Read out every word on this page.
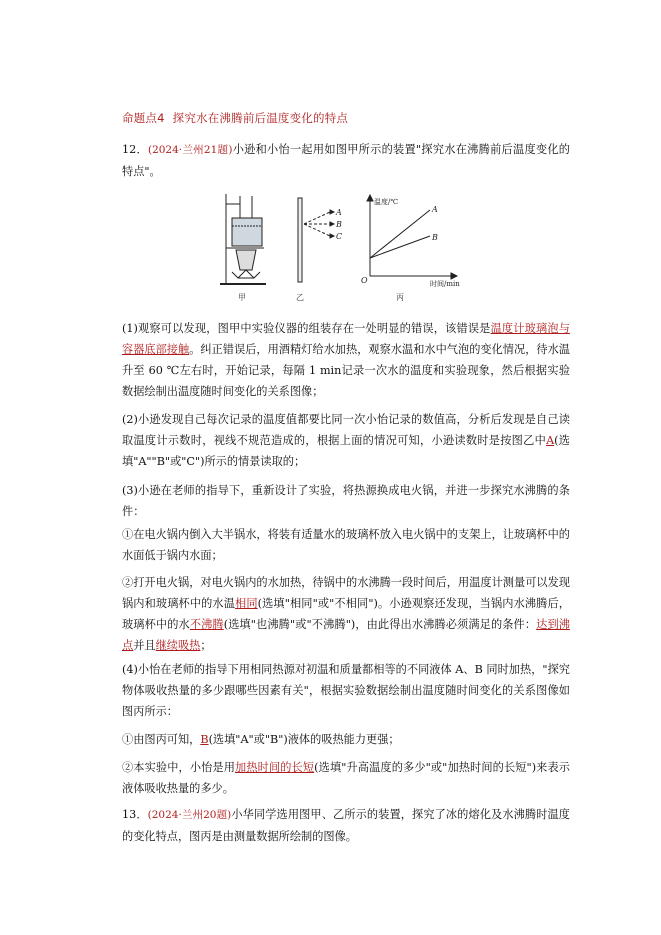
命题点4 探究水在沸腾前后温度变化的特点
12．(2024·兰州21题)小逊和小怡一起用如图甲所示的装置"探究水在沸腾前后温度变化的特点"。
A
B
C
温度/℃
时间/min
O
A
B
甲	乙	丙
(1)观察可以发现，图甲中实验仪器的组装存在一处明显的错误，该错误是温度计玻璃泡与容器底部接触。纠正错误后，用酒精灯给水加热，观察水温和水中气泡的变化情况，待水温升至 60 ℃左右时，开始记录，每隔 1 min记录一次水的温度和实验现象，然后根据实验数据绘制出温度随时间变化的关系图像；
(2)小逊发现自己每次记录的温度值都要比同一次小怡记录的数值高，分析后发现是自己读取温度计示数时，视线不规范造成的，根据上面的情况可知，小逊读数时是按图乙中A(选填"A""B"或"C")所示的情景读取的；
(3)小逊在老师的指导下，重新设计了实验，将热源换成电火锅，并进一步探究水沸腾的条件：
①在电火锅内倒入大半锅水，将装有适量水的玻璃杯放入电火锅中的支架上，让玻璃杯中的水面低于锅内水面；
②打开电火锅，对电火锅内的水加热，待锅中的水沸腾一段时间后，用温度计测量可以发现锅内和玻璃杯中的水温相同(选填"相同"或"不相同")。小逊观察还发现，当锅内水沸腾后，玻璃杯中的水不沸腾(选填"也沸腾"或"不沸腾")，由此得出水沸腾必须满足的条件：达到沸点并且继续吸热；
(4)小怡在老师的指导下用相同热源对初温和质量都相等的不同液体 A、B 同时加热，"探究物体吸收热量的多少跟哪些因素有关"，根据实验数据绘制出温度随时间变化的关系图像如图丙所示：
①由图丙可知，B(选填"A"或"B")液体的吸热能力更强；
②本实验中，小怡是用加热时间的长短(选填"升高温度的多少"或"加热时间的长短")来表示液体吸收热量的多少。
13．(2024·兰州20题)小华同学选用图甲、乙所示的装置，探究了冰的熔化及水沸腾时温度的变化特点，图丙是由测量数据所绘制的图像。
